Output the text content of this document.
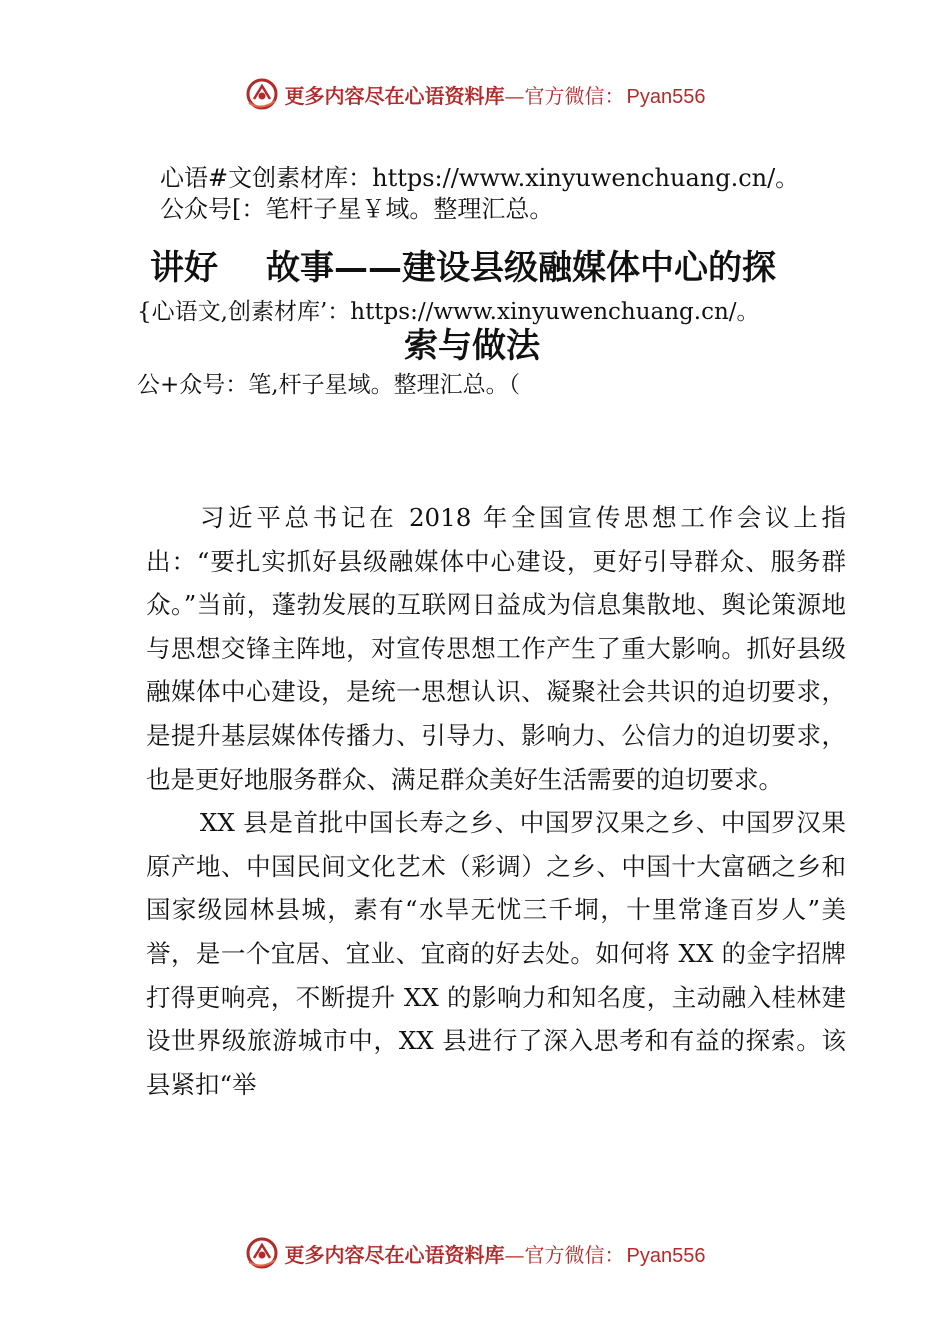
更多内容尽在心语资料库 —官方微信： Pyan556
心语#文创素材库：https://www.xinyuwenchuang.cn/。
公众号[：笔杆子星￥域。整理汇总。
讲好 故事——建设县级融媒体中心的探
{心语文,创素材库’：https://www.xinyuwenchuang.cn/。
索与做法
公+众号：笔,杆子星域。整理汇总。（

习近平总书记在 2018 年全国宣传思想工作会议上指出：“要扎实抓好县级融媒体中心建设，更好引导群众、服务群众。”当前，蓬勃发展的互联网日益成为信息集散地、舆论策源地与思想交锋主阵地，对宣传思想工作产生了重大影响。抓好县级融媒体中心建设，是统一思想认识、凝聚社会共识的迫切要求，是提升基层媒体传播力、引导力、影响力、公信力的迫切要求，也是更好地服务群众、满足群众美好生活需要的迫切要求。

XX 县是首批中国长寿之乡、中国罗汉果之乡、中国罗汉果原产地、中国民间文化艺术（彩调）之乡、中国十大富硒之乡和国家级园林县城，素有“水旱无忧三千垌，十里常逢百岁人”美誉，是一个宜居、宜业、宜商的好去处。如何将 XX 的金字招牌打得更响亮，不断提升 XX 的影响力和知名度，主动融入桂林建设世界级旅游城市中，XX 县进行了深入思考和有益的探索。该县紧扣“举

更多内容尽在心语资料库 —官方微信： Pyan556
